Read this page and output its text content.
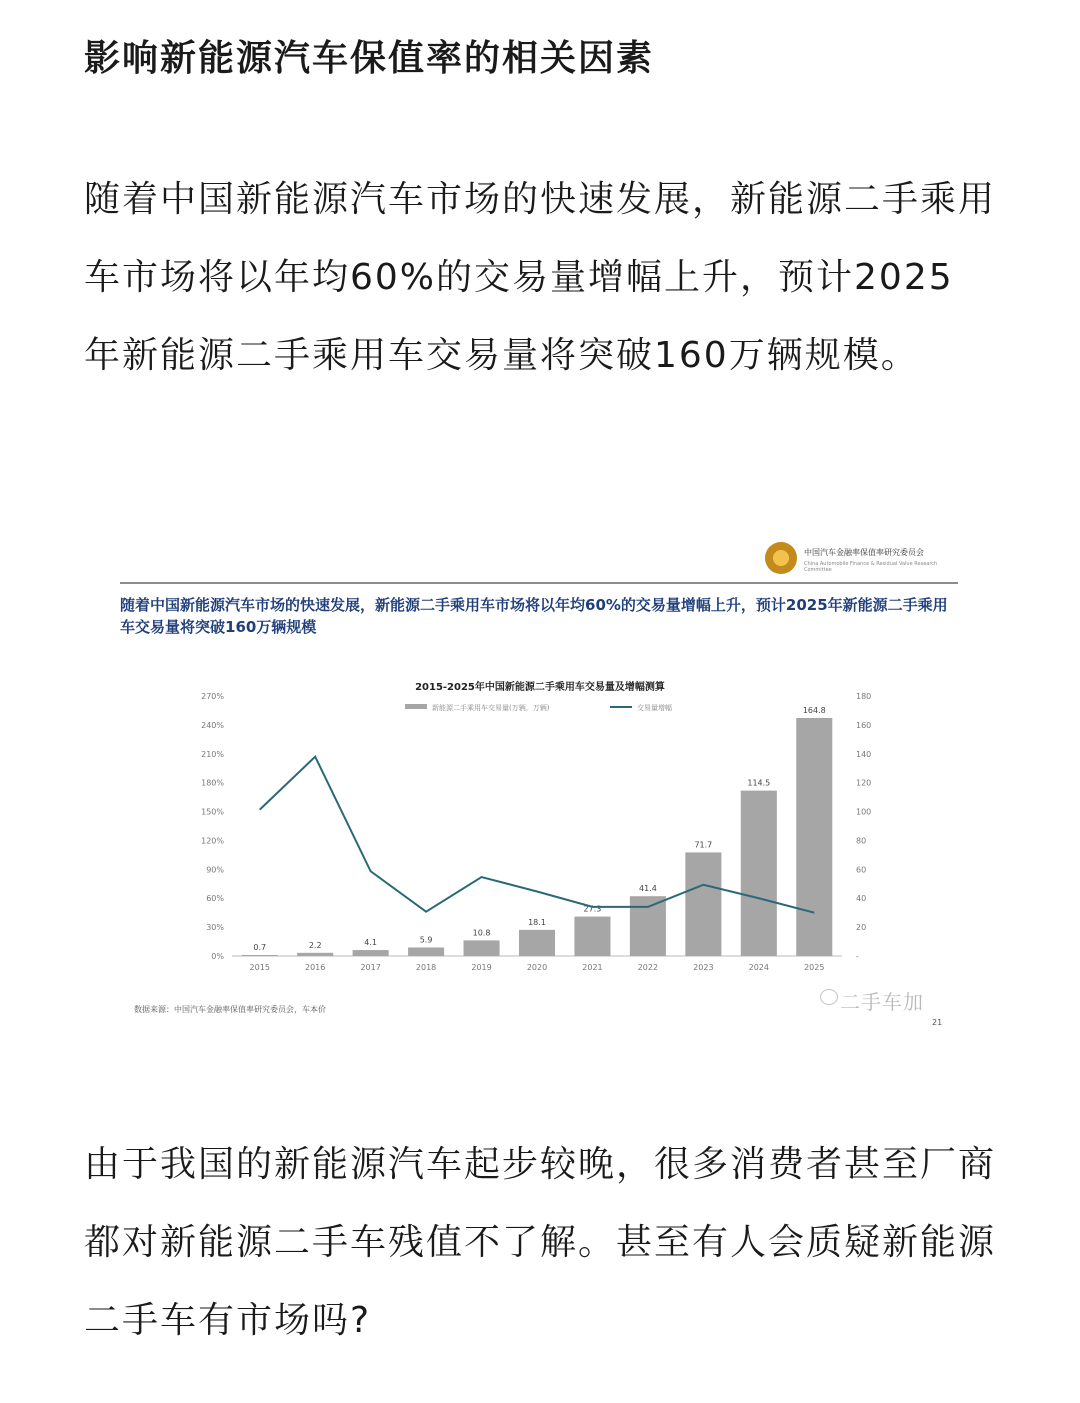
影响新能源汽车保值率的相关因素

随着中国新能源汽车市场的快速发展，新能源二手乘用车市场将以年均60%的交易量增幅上升，预计2025 年新能源二手乘用车交易量将突破160万辆规模。

中国汽车金融率保值率研究委员会
China Automobile Finance & Residual Value Research Committee
随着中国新能源汽车市场的快速发展，新能源二手乘用车市场将以年均60%的交易量增幅上升，预计2025年新能源二手乘用车交易量将突破160万辆规模
2015-2025年中国新能源二手乘用车交易量及增幅测算
新能源二手乘用车交易量(万辆，万辆)	交易量增幅
0%
30%
60%
90%
120%
150%
180%
210%
240%
270%
-
20
40
60
80
100
120
140
160
180
0.7	2.2	4.1	5.9
10.8
18.1
27.3
41.4
71.7
114.5
164.8
2015	2016	2017	2018	2019	2020	2021	2022	2023	2024	2025
数据来源：中国汽车金融率保值率研究委员会，车本价	二手车加
21

由于我国的新能源汽车起步较晚，很多消费者甚至厂商都对新能源二手车残值不了解。甚至有人会质疑新能源二手车有市场吗?
